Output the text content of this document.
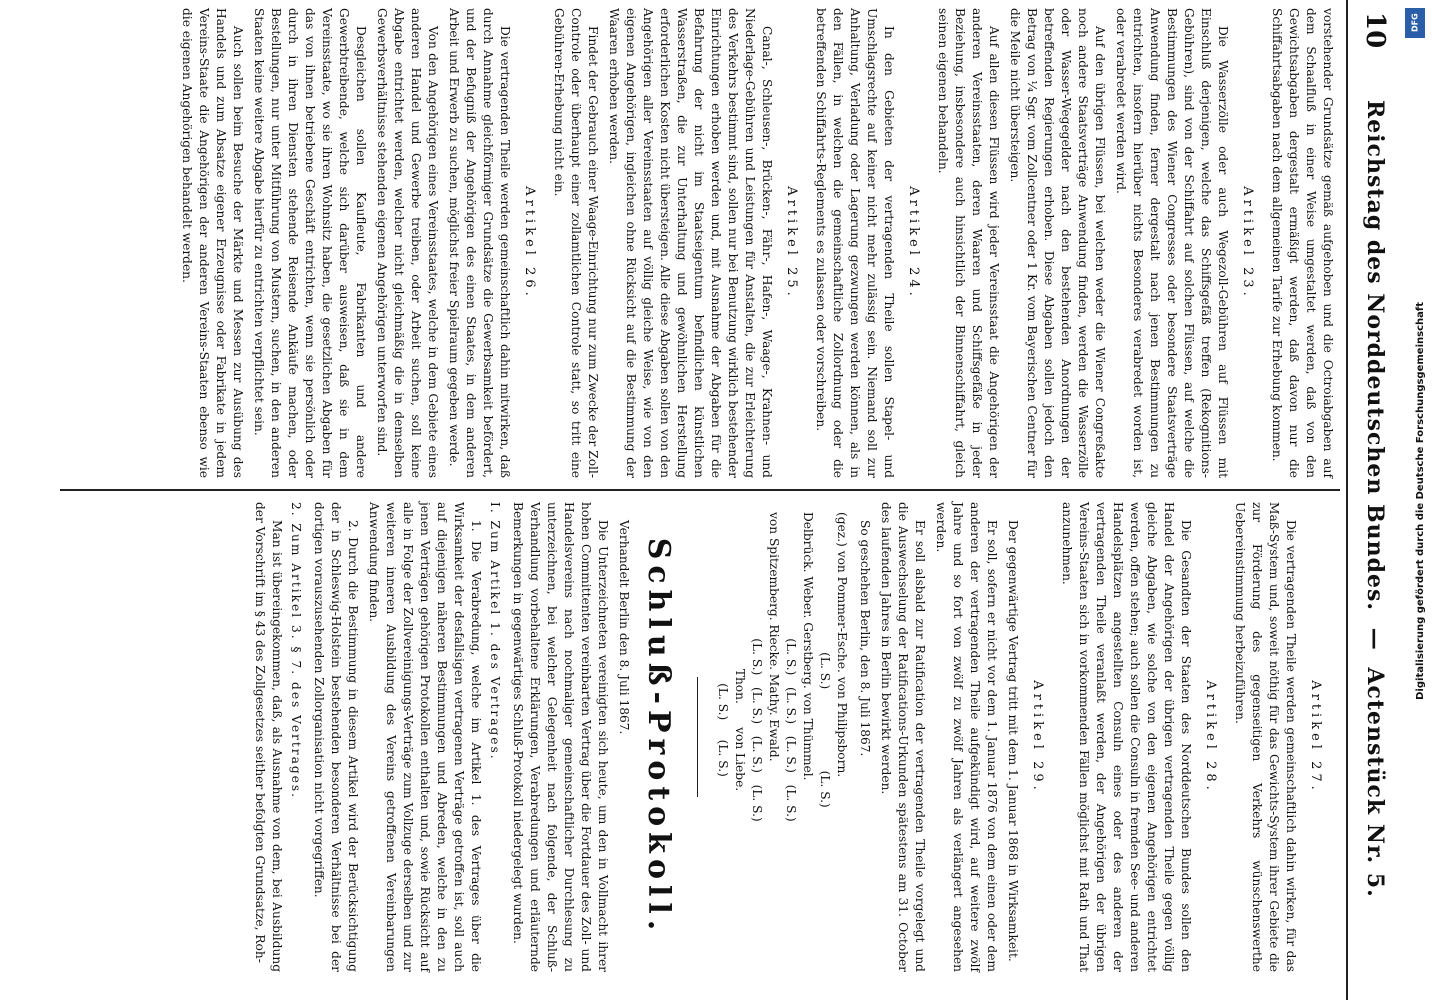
10
Reichstag des Norddeutschen Bundes. — Actenstück Nr. 5.

vorstehender Grundsätze gemäß aufgehoben und die Octroiabgaben auf dem Schaalfluß in einer Weise umgestaltet werden, daß von den Gewichtsabgaben dergestalt ermäßigt werden, daß davon nur die Schiffahrtsabgaben nach dem allgemeinen Tarife zur Erhebung kommen.

Artikel 23.

Die Wasserzölle oder auch Wegezoll-Gebühren auf Flüssen mit Einschluß derjenigen, welche das Schiffsgefäß treffen (Rekognitions-Gebühren), sind von der Schiffahrt auf solchen Flüssen, auf welche die Bestimmungen des Wiener Congresses oder besondere Staatsverträge Anwendung finden, ferner dergestalt nach jenen Bestimmungen zu entrichten, insofern hierüber nichts Besonderes verabredet worden ist, oder verabredet werden wird.

Auf den übrigen Flüssen, bei welchen weder die Wiener Congreßakte noch andere Staatsverträge Anwendung finden, werden die Wasserzölle oder Wasser-Wegegelder nach den bestehenden Anordnungen der betreffenden Regierungen erhoben. Diese Abgaben sollen jedoch den Betrag von ¼ Sgr. vom Zollcentner oder 1 Kr. vom Bayerischen Centner für die Meile nicht übersteigen.

Auf allen diesen Flüssen wird jeder Vereinsstaat die Angehörigen der anderen Vereinsstaaten, deren Waaren und Schiffsgefäße in jeder Beziehung, insbesondere auch hinsichtlich der Binnenschiffahrt, gleich seinen eigenen behandeln.

Artikel 24.

In den Gebieten der vertragenden Theile sollen Stapel- und Umschlagsrechte auf keiner nicht mehr zulässig sein. Niemand soll zur Anhaltung, Verladung oder Lagerung gezwungen werden können, als in den Fällen, in welchen die gemeinschaftliche Zollordnung oder die betreffenden Schiffahrts-Reglements es zulassen oder vorschreiben.

Artikel 25.

Canal-, Schleusen-, Brücken-, Fähr-, Hafen-, Waage-, Krahnen- und Niederlage-Gebühren und Leistungen für Anstalten, die zur Erleichterung des Verkehrs bestimmt sind, sollen nur bei Benutzung wirklich bestehender Einrichtungen erhoben werden und, mit Ausnahme der Abgaben für die Befahrung der nicht im Staatseigentum befindlichen künstlichen Wasserstraßen, die zur Unterhaltung und gewöhnlichen Herstellung erforderlichen Kosten nicht übersteigen. Alle diese Abgaben sollen von den Angehörigen aller Vereinsstaaten auf völlig gleiche Weise, wie von den eigenen Angehörigen, ingleichen ohne Rücksicht auf die Bestimmung der Waaren erhoben werden.

Findet der Gebrauch einer Waage-Einrichtung nur zum Zwecke der Zoll-Controle oder überhaupt einer zollamtlichen Controle statt, so tritt eine Gebühren-Erhebung nicht ein.

Artikel 26.

Die vertragenden Theile werden gemeinschaftlich dahin mitwirken, daß durch Annahme gleichförmiger Grundsätze die Gewerbsamkeit befördert, und der Befugniß der Angehörigen des einen Staates, in dem anderen Arbeit und Erwerb zu suchen, möglichst freier Spielraum gegeben werde.

Von den Angehörigen eines Vereinsstaates, welche in dem Gebiete eines anderen Handel und Gewerbe treiben, oder Arbeit suchen, soll keine Abgabe entrichtet werden, welcher nicht gleichmäßig die in demselben Gewerbsverhältnisse stehenden eigenen Angehörigen unterworfen sind.

Desgleichen sollen Kaufleute, Fabrikanten und andere Gewerbtreibende, welche sich darüber ausweisen, daß sie in dem Vereinsstaate, wo sie ihren Wohnsitz haben, die gesetzlichen Abgaben für das von ihnen betriebene Geschäft entrichten, wenn sie persönlich oder durch in ihren Diensten stehende Reisende Ankäufe machen, oder Bestellungen, nur unter Mitführung von Mustern, suchen, in den anderen Staaten keine weitere Abgabe hierfür zu entrichten verpflichtet sein.

Auch sollen beim Besuche der Märkte und Messen zur Ausübung des Handels und zum Absatze eigener Erzeugnisse oder Fabrikate in jedem Vereins-Staate die Angehörigen der anderen Vereins-Staaten ebenso wie die eigenen Angehörigen behandelt werden.

Artikel 27.

Die vertragenden Theile werden gemeinschaftlich dahin wirken, für das Maß-System und, soweit nöthig für das Gewichts-System ihrer Gebiete die zur Förderung des gegenseitigen Verkehrs wünschenswerthe Uebereinstimmung herbeizuführen.

Artikel 28.

Die Gesandten der Staaten des Norddeutschen Bundes sollen den Handel der Angehörigen der übrigen vertragenden Theile gegen völlig gleiche Abgaben, wie solche von den eigenen Angehörigen entrichtet werden, offen stehen; auch sollen die Consuln in fremden See- und anderen Handelsplätzen angestellten Consuln eines oder des anderen der vertragenden Theile veranlaßt werden, der Angehörigen der übrigen Vereins-Staaten sich in vorkommenden Fällen möglichst mit Rath und That anzunehmen.

Artikel 29.

Der gegenwärtige Vertrag tritt mit dem 1. Januar 1868 in Wirksamkeit.

Er soll, sofern er nicht vor dem 1. Januar 1876 von dem einen oder dem anderen der vertragenden Theile aufgekündigt wird, auf weitere zwölf Jahre und so fort von zwölf zu zwölf Jahren als verlängert angesehen werden.

Er soll alsbald zur Ratification der vertragenden Theile vorgelegt und die Auswechselung der Ratifications-Urkunden spätestens am 31. October des laufenden Jahres in Berlin bewirkt werden.

So geschehen Berlin, den 8. Juli 1867.

(gez.) von Pommer-Esche. von Philipsborn.
(L. S.)                     (L. S.)
Delbrück. Weber. Gerstberg. von Thümmel.
(L. S.)   (L. S.)   (L. S.)   (L. S.)
von Spitzemberg. Riecke. Mathy. Ewald.
(L. S.)   (L. S.)   (L. S.)   (L. S.)
Thon.      von Liebe.
(L. S.)     (L. S.)
Schluß-Protokoll.

Verhandelt Berlin den 8. Juli 1867.

Die Unterzeichneten vereinigten sich heute, um den in Vollmacht ihrer hohen Committenten vereinbarten Vertrag über die Fortdauer des Zoll- und Handelsvereins nach nochmaliger gemeinschaftlicher Durchlesung zu unterzeichnen, bei welcher Gelegenheit nach folgende, der Schluß-Verhandlung vorbehaltene Erklärungen, Verabredungen und erläuternde Bemerkungen in gegenwärtiges Schluß-Protokoll niedergelegt wurden.

I. Zum Artikel 1. des Vertrages.

1. Die Verabredung, welche im Artikel 1. des Vertrages über die Wirksamkeit der desfallsigen vertragenen Verträge getroffen ist, soll auch auf diejenigen näheren Bestimmungen und Abreden, welche in den zu jenen Verträgen gehörigen Protokollen enthalten und, sowie Rücksicht auf alle in Folge der Zollvereinigungs-Verträge zum Vollzuge derselben und zur weiteren inneren Ausbildung des Vereins getroffenen Vereinbarungen Anwendung finden.

2. Durch die Bestimmung in diesem Artikel wird der Berücksichtigung der in Schleswig-Holstein bestehenden besonderen Verhältnisse bei der dortigen vorauszusehenden Zollorganisation nicht vorgegriffen.

2. Zum Artikel 3. § 7. des Vertrages.

Man ist übereingekommen, daß, als Ausnahme von dem, bei Ausbildung der Vorschrift im § 43 des Zollgesetzes seither befolgten Grundsatze, Roh-

Digitalisierung gefördert durch die Deutsche Forschungsgemeinschaft
DFG
